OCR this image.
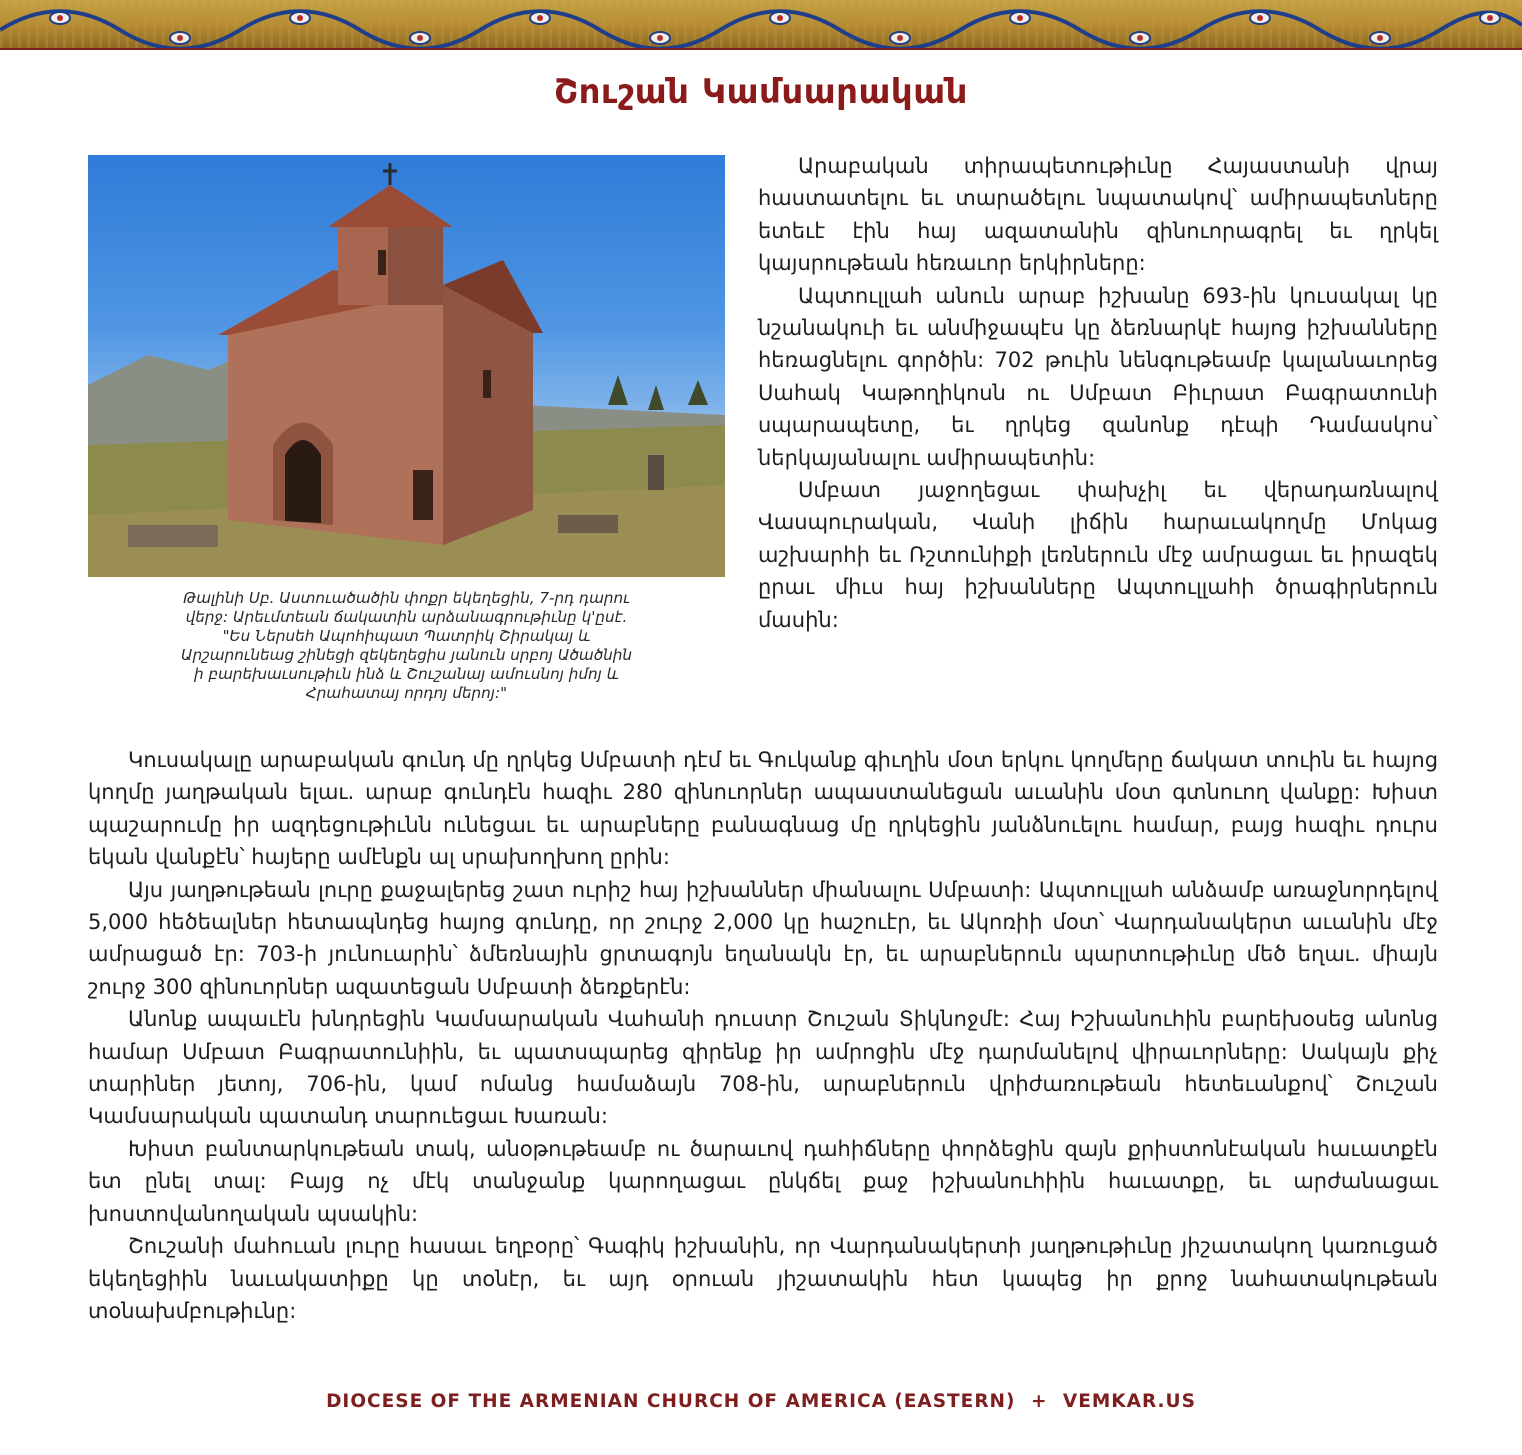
Շուշան Կամսարական
Թալինի Սբ. Աստուածածին փոքր եկեղեցին, 7-րդ դարու
վերջ: Արեւմտեան ճակատին արձանագրութիւնը կ'ըսէ.
"Ես Ներսեհ Ապոհիպատ Պատրիկ Շիրակայ և
Արշարունեաց շինեցի զեկեղեցիս յանուն սրբոյ Ածածնին
ի բարեխաւսութիւն ինձ և Շուշանայ ամուսնոյ իմոյ և
Հրահատայ որդոյ մերոյ:"

Արաբական տիրապետութիւնը Հայաստանի վրայ հաստատելու եւ տարածելու նպատակով՝ ամիրապետները ետեւէ էին հայ ազատանին զինուորագրել եւ ղրկել կայսրութեան հեռաւոր երկիրները:

Ապտուլլահ անուն արաբ իշխանը 693-ին կուսակալ կը նշանակուի եւ անմիջապէս կը ձեռնարկէ հայոց իշխանները հեռացնելու գործին: 702 թուին նենգութեամբ կալանաւորեց Սահակ Կաթողիկոսն ու Սմբատ Բիւրատ Բագրատունի սպարապետը, եւ ղրկեց զանոնք դէպի Դամասկոս՝ ներկայանալու ամիրապետին:

Սմբատ յաջողեցաւ փախչիլ եւ վերադառնալով Վասպուրական, Վանի լիճին հարաւակողմը Մոկաց աշխարհի եւ Ռշտունիքի լեռներուն մէջ ամրացաւ եւ իրազեկ ըրաւ միւս հայ իշխանները Ապտուլլահի ծրագիրներուն մասին:

Կուսակալը արաբական գունդ մը ղրկեց Սմբատի դէմ եւ Գուկանք գիւղին մօտ երկու կողմերը ճակատ տուին եւ հայոց կողմը յաղթական ելաւ. արաբ գունդէն հազիւ 280 զինուորներ ապաստանեցան աւանին մօտ գտնուող վանքը: Խիստ պաշարումը իր ազդեցութիւնն ունեցաւ եւ արաբները բանագնաց մը ղրկեցին յանձնուելու համար, բայց հազիւ դուրս եկան վանքէն՝ հայերը ամէնքն ալ սրախողխող ըրին:

Այս յաղթութեան լուրը քաջալերեց շատ ուրիշ հայ իշխաններ միանալու Սմբատի: Ապտուլլահ անձամբ առաջնորդելով 5,000 հեծեալներ հետապնդեց հայոց գունդը, որ շուրջ 2,000 կը հաշուէր, եւ Ակոռիի մօտ՝ Վարդանակերտ աւանին մէջ ամրացած էր: 703-ի յունուարին՝ ձմեռնային ցրտագոյն եղանակն էր, եւ արաբներուն պարտութիւնը մեծ եղաւ. միայն շուրջ 300 զինուորներ ազատեցան Սմբատի ձեռքերէն:

Անոնք ապաւէն խնդրեցին Կամսարական Վահանի դուստր Շուշան Տիկնոջմէ: Հայ Իշխանուհին բարեխօսեց անոնց համար Սմբատ Բագրատունիին, եւ պատսպարեց զիրենք իր ամրոցին մէջ դարմանելով վիրաւորները: Սակայն քիչ տարիներ յետոյ, 706-ին, կամ ոմանց համաձայն 708-ին, արաբներուն վրիժառութեան հետեւանքով՝ Շուշան Կամսարական պատանդ տարուեցաւ Խառան:

Խիստ բանտարկութեան տակ, անօթութեամբ ու ծարաւով դահիճները փորձեցին զայն քրիստոնէական հաւատքէն ետ ընել տալ: Բայց ոչ մէկ տանջանք կարողացաւ ընկճել քաջ իշխանուհիին հաւատքը, եւ արժանացաւ խոստովանողական պսակին:

Շուշանի մահուան լուրը հասաւ եղբօրը՝ Գագիկ իշխանին, որ Վարդանակերտի յաղթութիւնը յիշատակող կառուցած եկեղեցիին նաւակատիքը կը տօնէր, եւ այդ օրուան յիշատակին հետ կապեց իր քրոջ նահատակութեան տօնախմբութիւնը:

DIOCESE OF THE ARMENIAN CHURCH OF AMERICA (EASTERN) + VEMKAR.US
